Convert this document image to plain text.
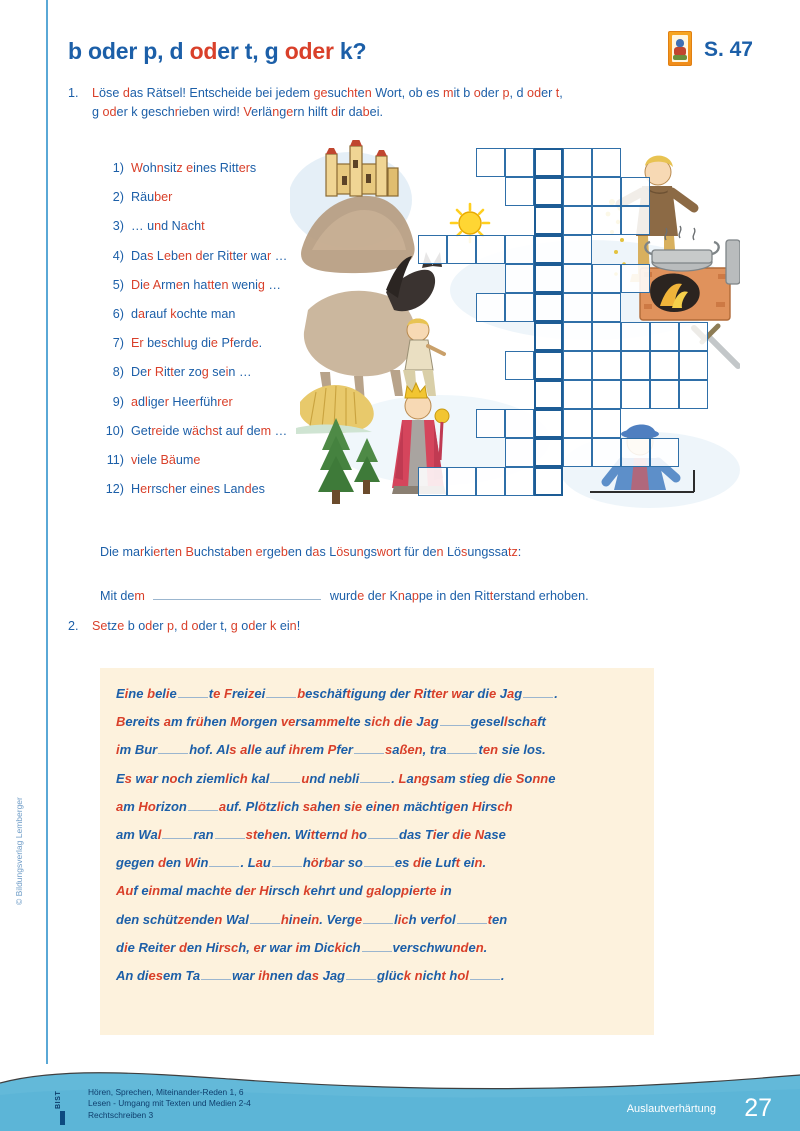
b oder p, d oder t, g oder k?	S. 47
1. Löse das Rätsel! Entscheide bei jedem gesuchten Wort, ob es mit b oder p, d oder t,
g oder k geschrieben wird! Verlängern hilft dir dabei.
1) Wohnsitz eines Ritters
2) Räuber
3) … und Nacht
4) Das Leben der Ritter war …
5) Die Armen hatten wenig …
6) darauf kochte man
7) Er beschlug die Pferde.
8) Der Ritter zog sein …
9) adliger Heerführer
10) Getreide wächst auf dem …
11) viele Bäume
12) Herrscher eines Landes
Die markierten Buchstaben ergeben das Lösungswort für den Lösungssatz:
Mit dem	wurde der Knappe in den Ritterstand erhoben.
2. Setze b oder p, d oder t, g oder k ein!
Eine belie te Freizei beschäftigung der Ritter war die Jag .
Bereits am frühen Morgen versammelte sich die Jag gesellschaft
im Bur hof. Als alle auf ihrem Pfer saßen, tra ten sie los.
Es war noch ziemlich kal und nebli . Langsam stieg die Sonne
am Horizon auf. Plötzlich sahen sie einen mächtigen Hirsch
am Wal ran stehen. Witternd ho das Tier die Nase
gegen den Win . Lau hörbar so es die Luft ein.
Auf einmal machte der Hirsch kehrt und galoppierte in
den schützenden Wal hinein. Verge lich verfol ten
die Reiter den Hirsch, er war im Dickich verschwunden.
An diesem Ta war ihnen das Jag glück nicht hol .
© Bildungsverlag Lemberger
BIST	Hören, Sprechen, Miteinander-Reden 1, 6
Lesen - Umgang mit Texten und Medien 2-4
Rechtschreiben 3	Auslautverhärtung 27
